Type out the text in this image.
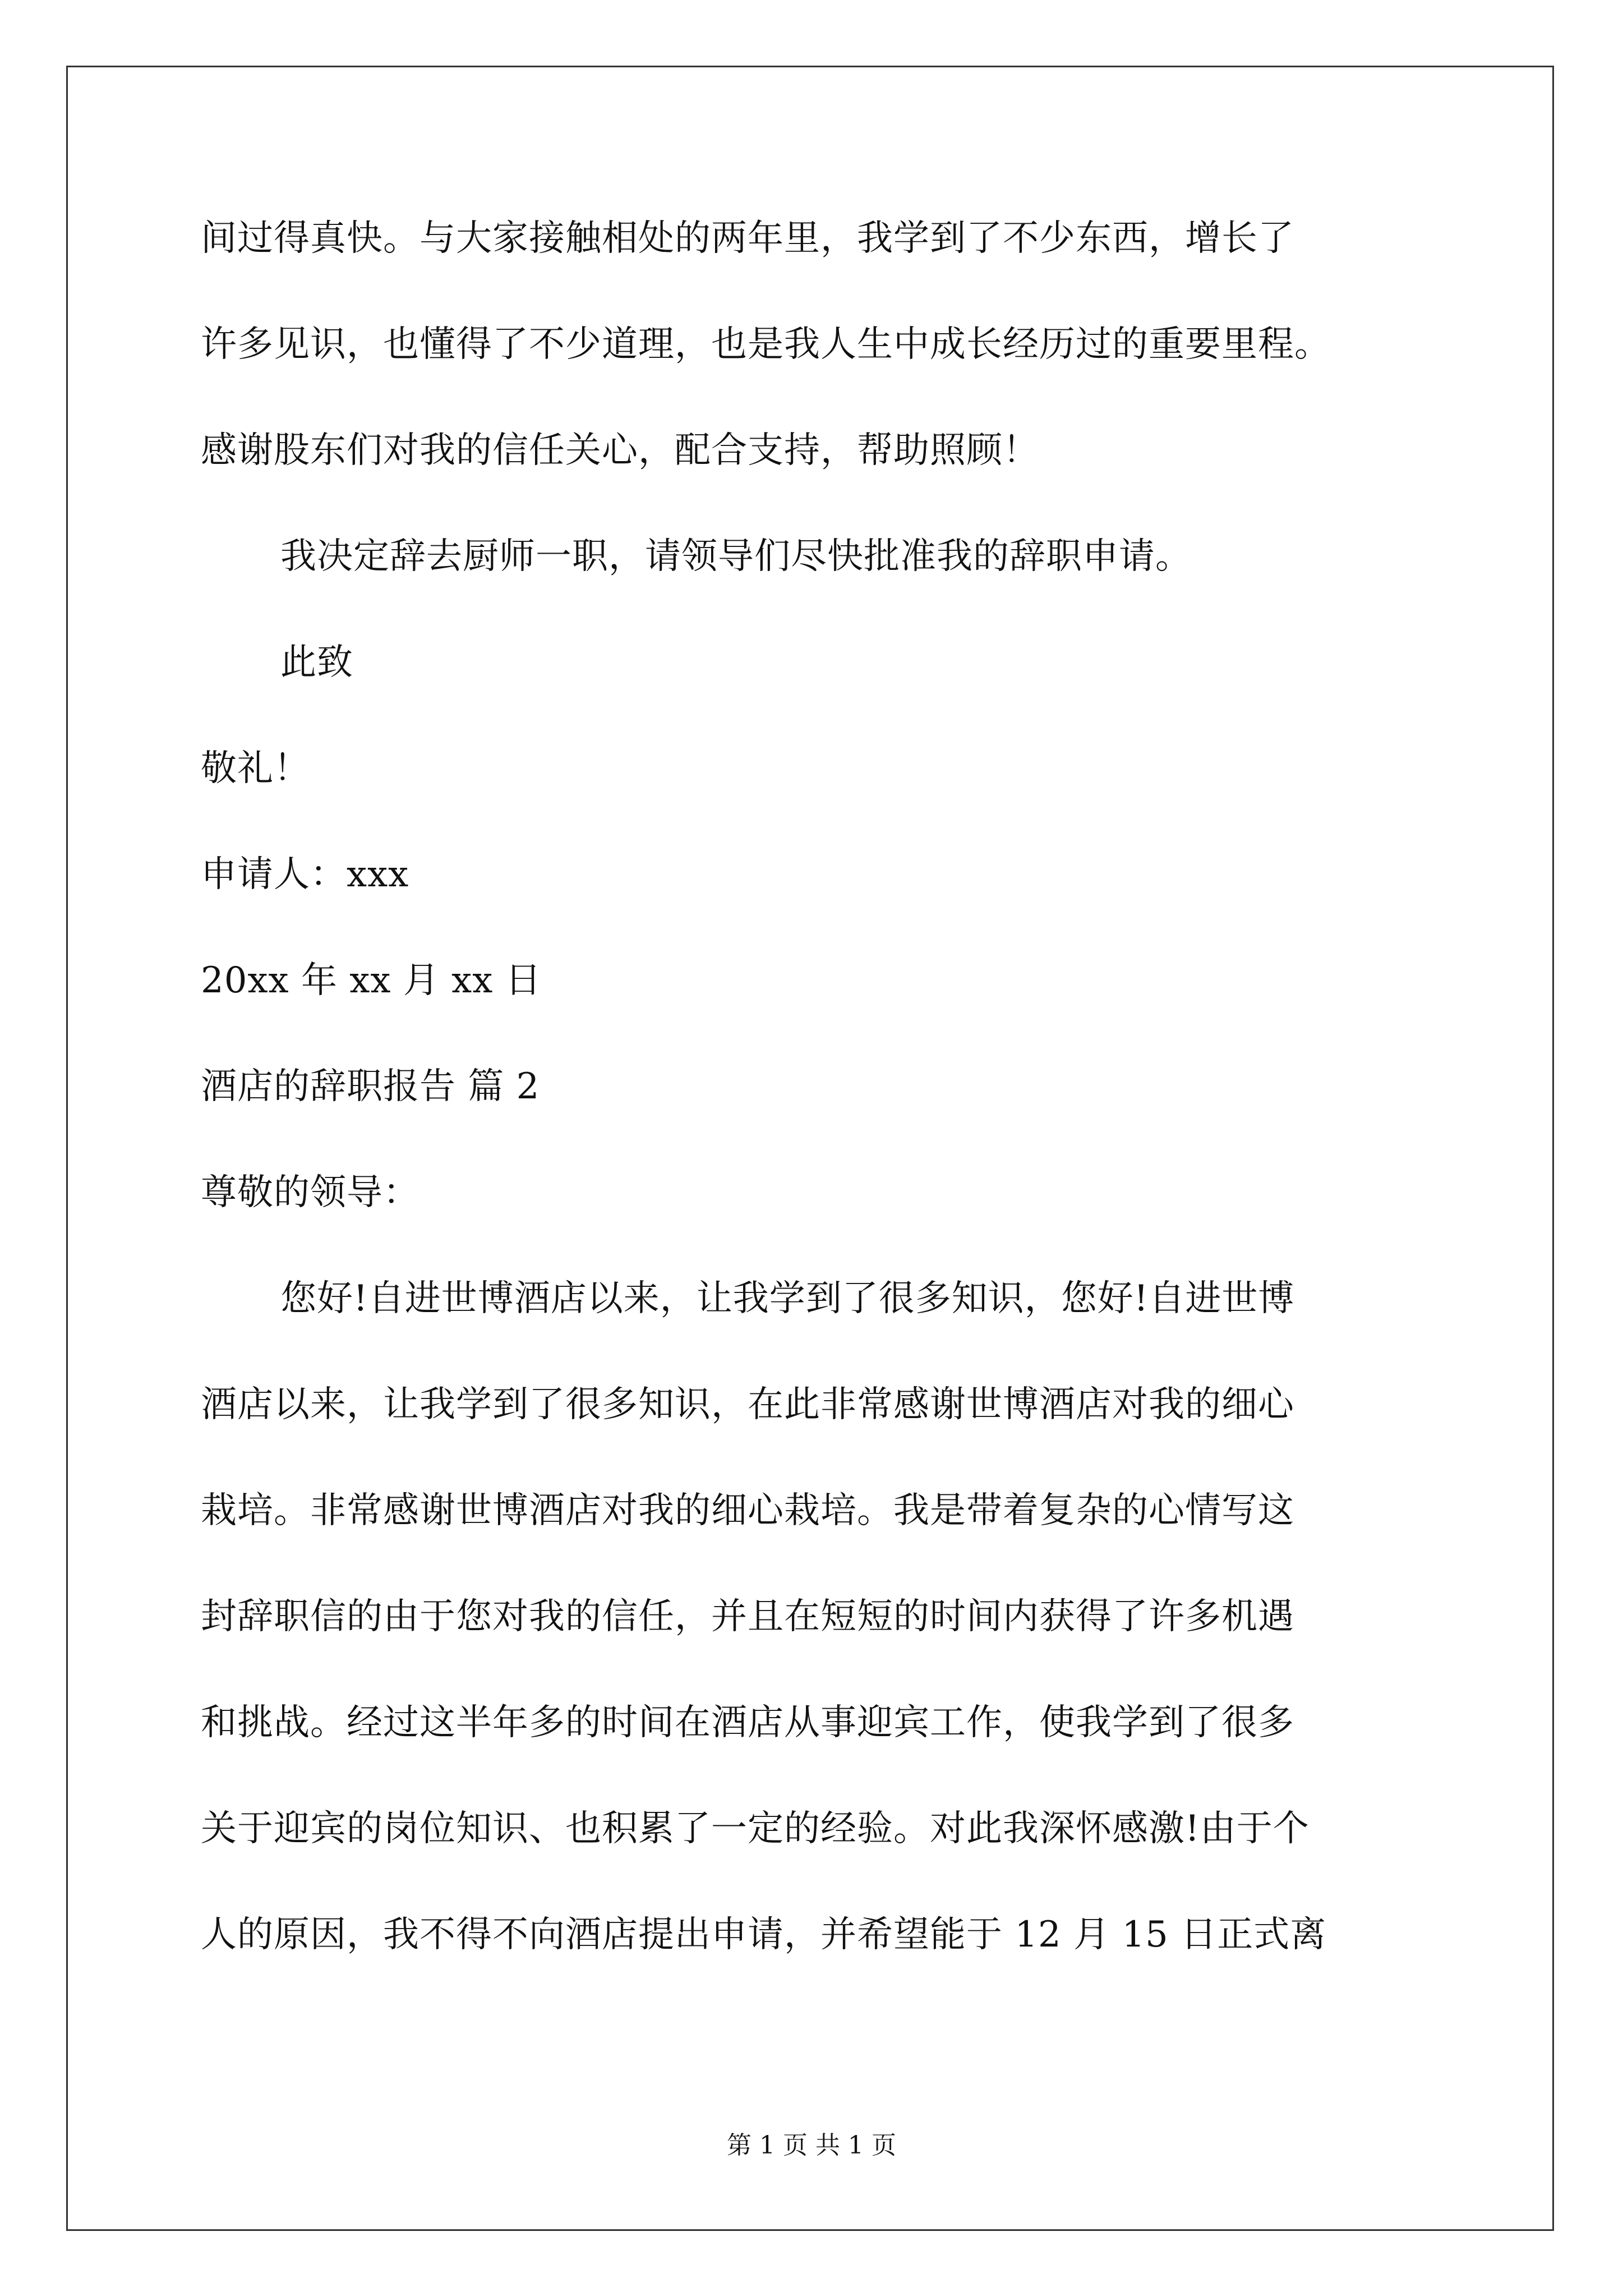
间过得真快。与大家接触相处的两年里，我学到了不少东西，增长了
许多见识，也懂得了不少道理，也是我人生中成长经历过的重要里程。
感谢股东们对我的信任关心，配合支持，帮助照顾！
我决定辞去厨师一职，请领导们尽快批准我的辞职申请。
此致
敬礼！
申请人：xxx
20xx 年 xx 月 xx 日
酒店的辞职报告 篇 2
尊敬的领导：
您好!自进世博酒店以来，让我学到了很多知识，您好!自进世博
酒店以来，让我学到了很多知识，在此非常感谢世博酒店对我的细心
栽培。非常感谢世博酒店对我的细心栽培。我是带着复杂的心情写这
封辞职信的由于您对我的信任，并且在短短的时间内获得了许多机遇
和挑战。经过这半年多的时间在酒店从事迎宾工作，使我学到了很多
关于迎宾的岗位知识、也积累了一定的经验。对此我深怀感激!由于个
人的原因，我不得不向酒店提出申请，并希望能于 12 月 15 日正式离
第 1 页 共 1 页
